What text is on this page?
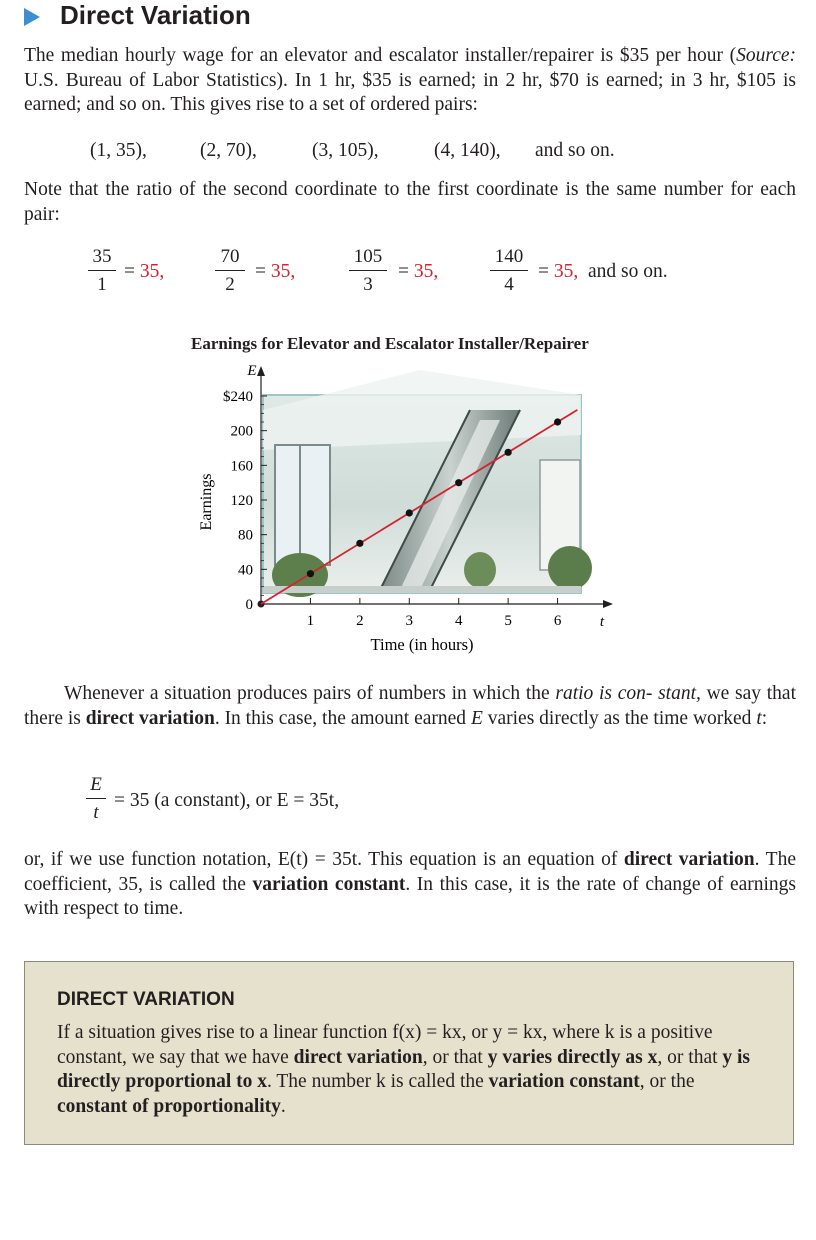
Direct Variation
The median hourly wage for an elevator and escalator installer/repairer is $35 per hour (Source: U.S. Bureau of Labor Statistics). In 1 hr, $35 is earned; in 2 hr, $70 is earned; in 3 hr, $105 is earned; and so on. This gives rise to a set of ordered pairs:
(1, 35),	(2, 70),	(3, 105),	(4, 140), and so on.
Note that the ratio of the second coordinate to the first coordinate is the same number for each pair:
$\frac{35}{1} = 35$,	$\frac{70}{2} = 35$,	$\frac{105}{3} = 35$,	$\frac{140}{4} = 35$, and so on.
Earnings for Elevator and Escalator Installer/Repairer
E
t
0
40
80
120
160
200
$240
1	2	3	4	5	6
Time (in hours)
Earnings
Whenever a situation produces pairs of numbers in which the ratio is con- stant, we say that there is direct variation. In this case, the amount earned E varies directly as the time worked t:
$\frac{E}{t} = 35$ (a constant), or E = 35t,
or, if we use function notation, E(t) = 35t. This equation is an equation of direct variation. The coefficient, 35, is called the variation constant. In this case, it is the rate of change of earnings with respect to time.
DIRECT VARIATION
If a situation gives rise to a linear function f(x) = kx, or y = kx, where k is a positive constant, we say that we have direct variation, or that y varies directly as x, or that y is directly proportional to x. The number k is called the variation constant, or the constant of proportionality.
